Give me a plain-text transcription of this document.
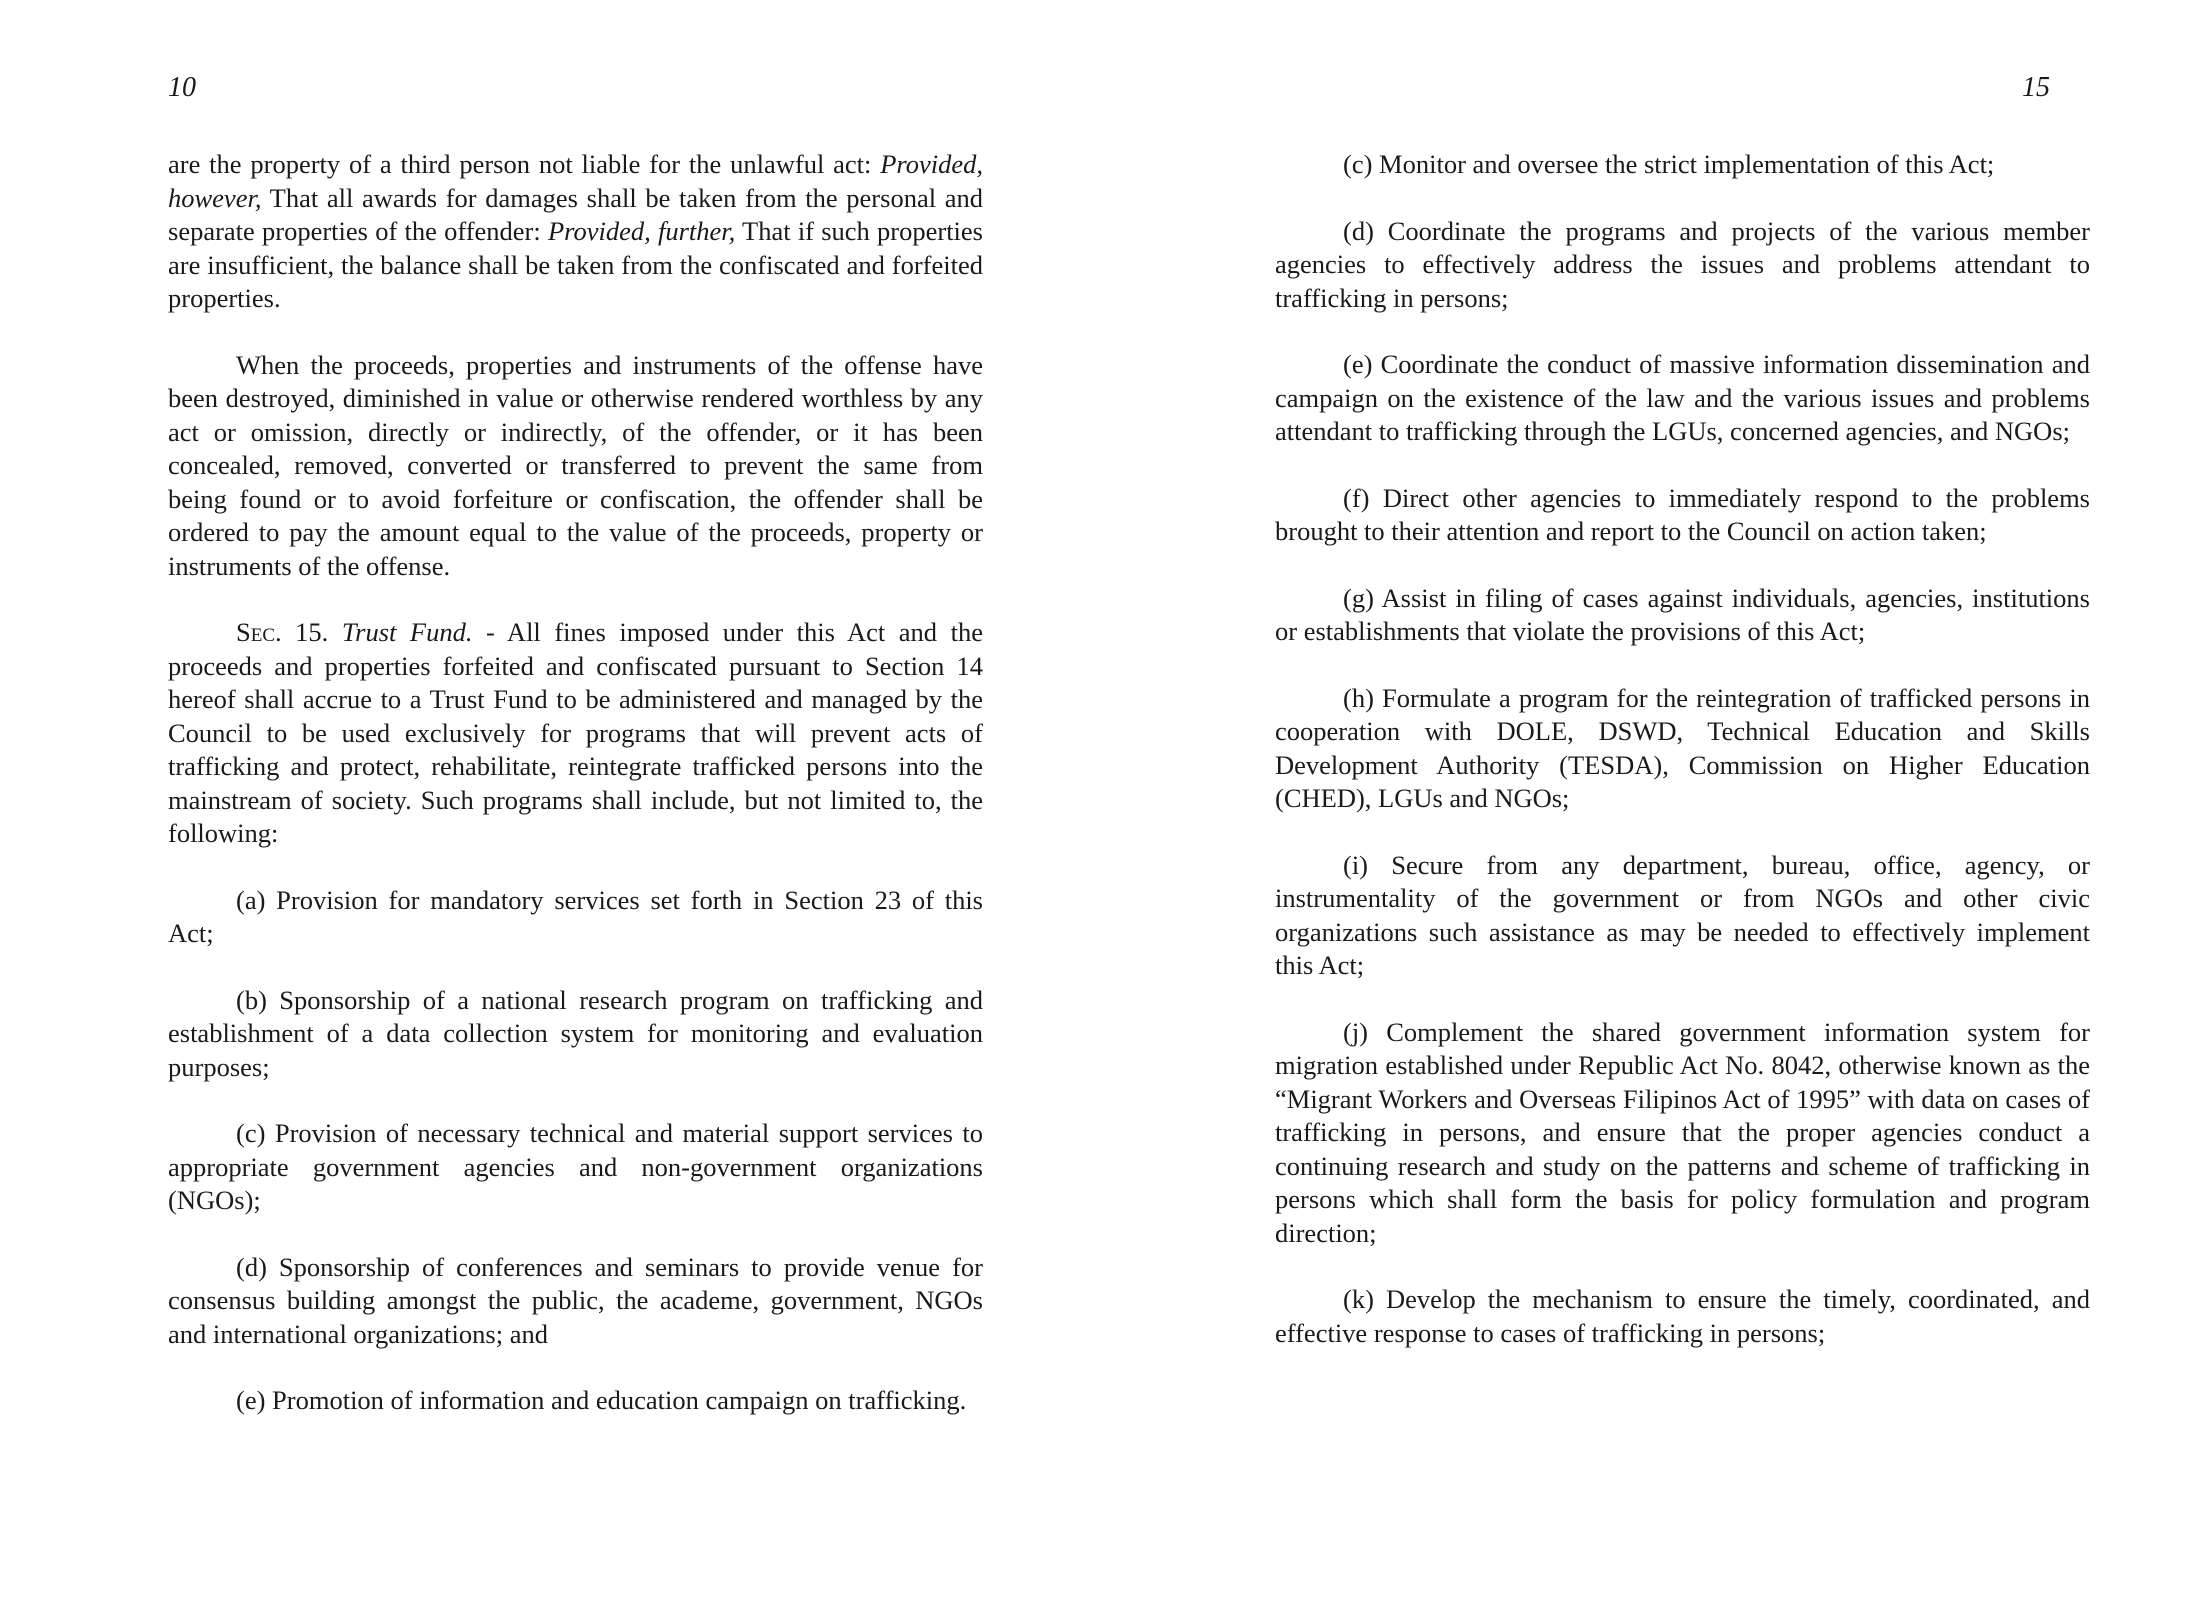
10

are the property of a third person not liable for the unlawful act: Provided, however, That all awards for damages shall be taken from the personal and separate properties of the offender: Provided, further, That if such properties are insufficient, the balance shall be taken from the confiscated and forfeited properties.

When the proceeds, properties and instruments of the offense have been destroyed, diminished in value or otherwise rendered worthless by any act or omission, directly or indirectly, of the offender, or it has been concealed, removed, converted or transferred to prevent the same from being found or to avoid forfeiture or confiscation, the offender shall be ordered to pay the amount equal to the value of the proceeds, property or instruments of the offense.

Sec. 15. Trust Fund. - All fines imposed under this Act and the proceeds and properties forfeited and confiscated pursuant to Section 14 hereof shall accrue to a Trust Fund to be administered and managed by the Council to be used exclusively for programs that will prevent acts of trafficking and protect, rehabilitate, reintegrate trafficked persons into the mainstream of society. Such programs shall include, but not limited to, the following:

(a) Provision for mandatory services set forth in Section 23 of this Act;

(b) Sponsorship of a national research program on trafficking and establishment of a data collection system for monitoring and evaluation purposes;

(c) Provision of necessary technical and material support services to appropriate government agencies and non-government organizations (NGOs);

(d) Sponsorship of conferences and seminars to provide venue for consensus building amongst the public, the academe, government, NGOs and international organizations; and

(e) Promotion of information and education campaign on trafficking.

15

(c) Monitor and oversee the strict implementation of this Act;

(d) Coordinate the programs and projects of the various member agencies to effectively address the issues and problems attendant to trafficking in persons;

(e) Coordinate the conduct of massive information dissemination and campaign on the existence of the law and the various issues and problems attendant to trafficking through the LGUs, concerned agencies, and NGOs;

(f) Direct other agencies to immediately respond to the problems brought to their attention and report to the Council on action taken;

(g) Assist in filing of cases against individuals, agencies, institutions or establishments that violate the provisions of this Act;

(h) Formulate a program for the reintegration of trafficked persons in cooperation with DOLE, DSWD, Technical Education and Skills Development Authority (TESDA), Commission on Higher Education (CHED), LGUs and NGOs;

(i) Secure from any department, bureau, office, agency, or instrumentality of the government or from NGOs and other civic organizations such assistance as may be needed to effectively implement this Act;

(j) Complement the shared government information system for migration established under Republic Act No. 8042, otherwise known as the “Migrant Workers and Overseas Filipinos Act of 1995” with data on cases of trafficking in persons, and ensure that the proper agencies conduct a continuing research and study on the patterns and scheme of trafficking in persons which shall form the basis for policy formulation and program direction;

(k) Develop the mechanism to ensure the timely, coordinated, and effective response to cases of trafficking in persons;
